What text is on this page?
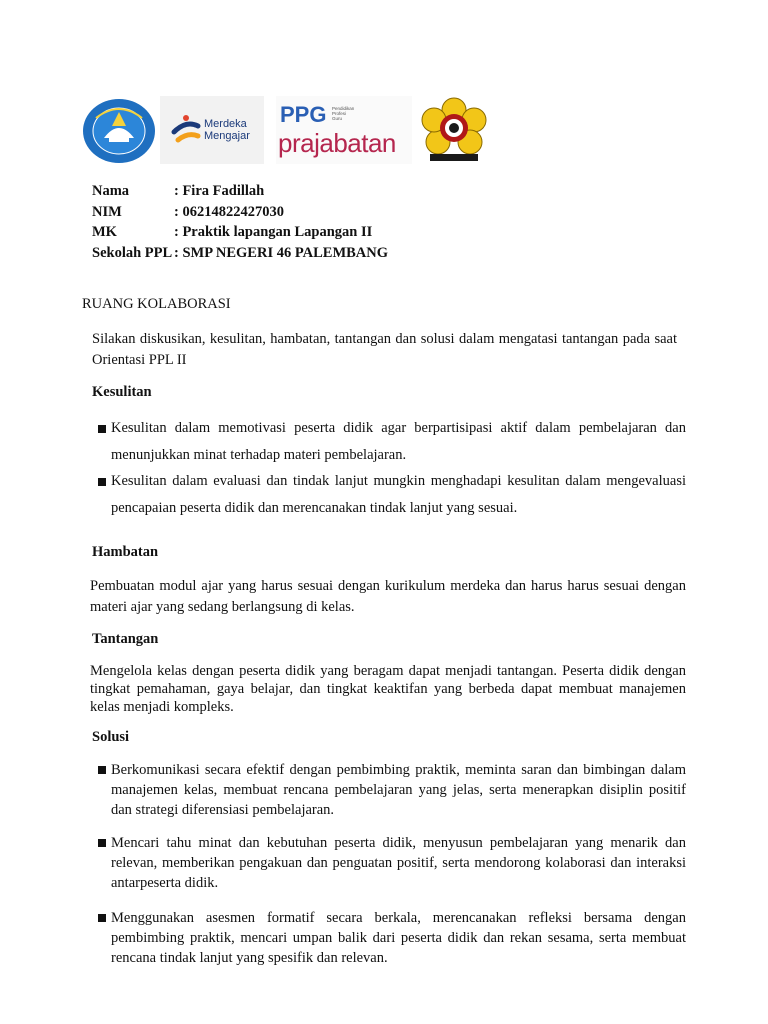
Merdeka
Mengajar
PPG Pendidikan
Profesi
Guru
prajabatan
Nama	: Fira Fadillah
NIM	: 06214822427030
MK	: Praktik lapangan Lapangan II
Sekolah PPL : SMP NEGERI 46 PALEMBANG
RUANG KOLABORASI
Silakan diskusikan, kesulitan, hambatan, tantangan dan solusi dalam mengatasi tantangan pada saat Orientasi PPL II
Kesulitan
Kesulitan dalam memotivasi peserta didik agar berpartisipasi aktif dalam pembelajaran dan menunjukkan minat terhadap materi pembelajaran.
Kesulitan dalam evaluasi dan tindak lanjut mungkin menghadapi kesulitan dalam mengevaluasi pencapaian peserta didik dan merencanakan tindak lanjut yang sesuai.
Hambatan
Pembuatan modul ajar yang harus sesuai dengan kurikulum merdeka dan harus harus sesuai dengan materi ajar yang sedang berlangsung di kelas.
Tantangan
Mengelola kelas dengan peserta didik yang beragam dapat menjadi tantangan. Peserta didik dengan tingkat pemahaman, gaya belajar, dan tingkat keaktifan yang berbeda dapat membuat manajemen kelas menjadi kompleks.
Solusi
Berkomunikasi secara efektif dengan pembimbing praktik, meminta saran dan bimbingan dalam manajemen kelas, membuat rencana pembelajaran yang jelas, serta menerapkan disiplin positif dan strategi diferensiasi pembelajaran.
Mencari tahu minat dan kebutuhan peserta didik, menyusun pembelajaran yang menarik dan relevan, memberikan pengakuan dan penguatan positif, serta mendorong kolaborasi dan interaksi antarpeserta didik.
Menggunakan asesmen formatif secara berkala, merencanakan refleksi bersama dengan pembimbing praktik, mencari umpan balik dari peserta didik dan rekan sesama, serta membuat rencana tindak lanjut yang spesifik dan relevan.
